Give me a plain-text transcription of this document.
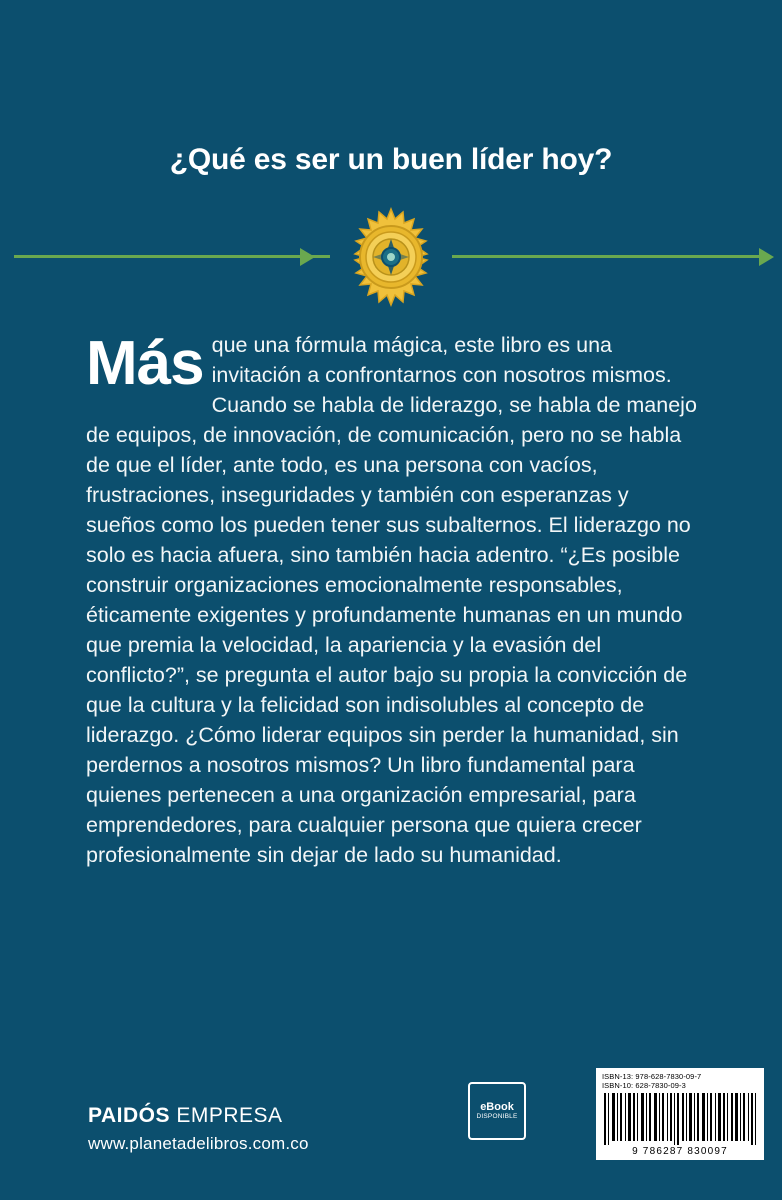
¿Qué es ser un buen líder hoy?
Más que una fórmula mágica, este libro es una invitación a confrontarnos con nosotros mismos. Cuando se habla de liderazgo, se habla de manejo de equipos, de innovación, de comunicación, pero no se habla de que el líder, ante todo, es una persona con vacíos, frustraciones, inseguridades y también con esperanzas y sueños como los pueden tener sus subalternos. El liderazgo no solo es hacia afuera, sino también hacia adentro. “¿Es posible construir organizaciones emocionalmente responsables, éticamente exigentes y profundamente humanas en un mundo que premia la velocidad, la apariencia y la evasión del conflicto?”, se pregunta el autor bajo su propia la convicción de que la cultura y la felicidad son indisolubles al concepto de liderazgo. ¿Cómo liderar equipos sin perder la humanidad, sin perdernos a nosotros mismos? Un libro fundamental para quienes pertenecen a una organización empresarial, para emprendedores, para cualquier persona que quiera crecer profesionalmente sin dejar de lado su humanidad.
PAIDÓS EMPRESA
www.planetadelibros.com.co
eBook
DISPONIBLE
ISBN-13: 978-628-7830-09-7
ISBN-10: 628-7830-09-3
9 786287 830097
